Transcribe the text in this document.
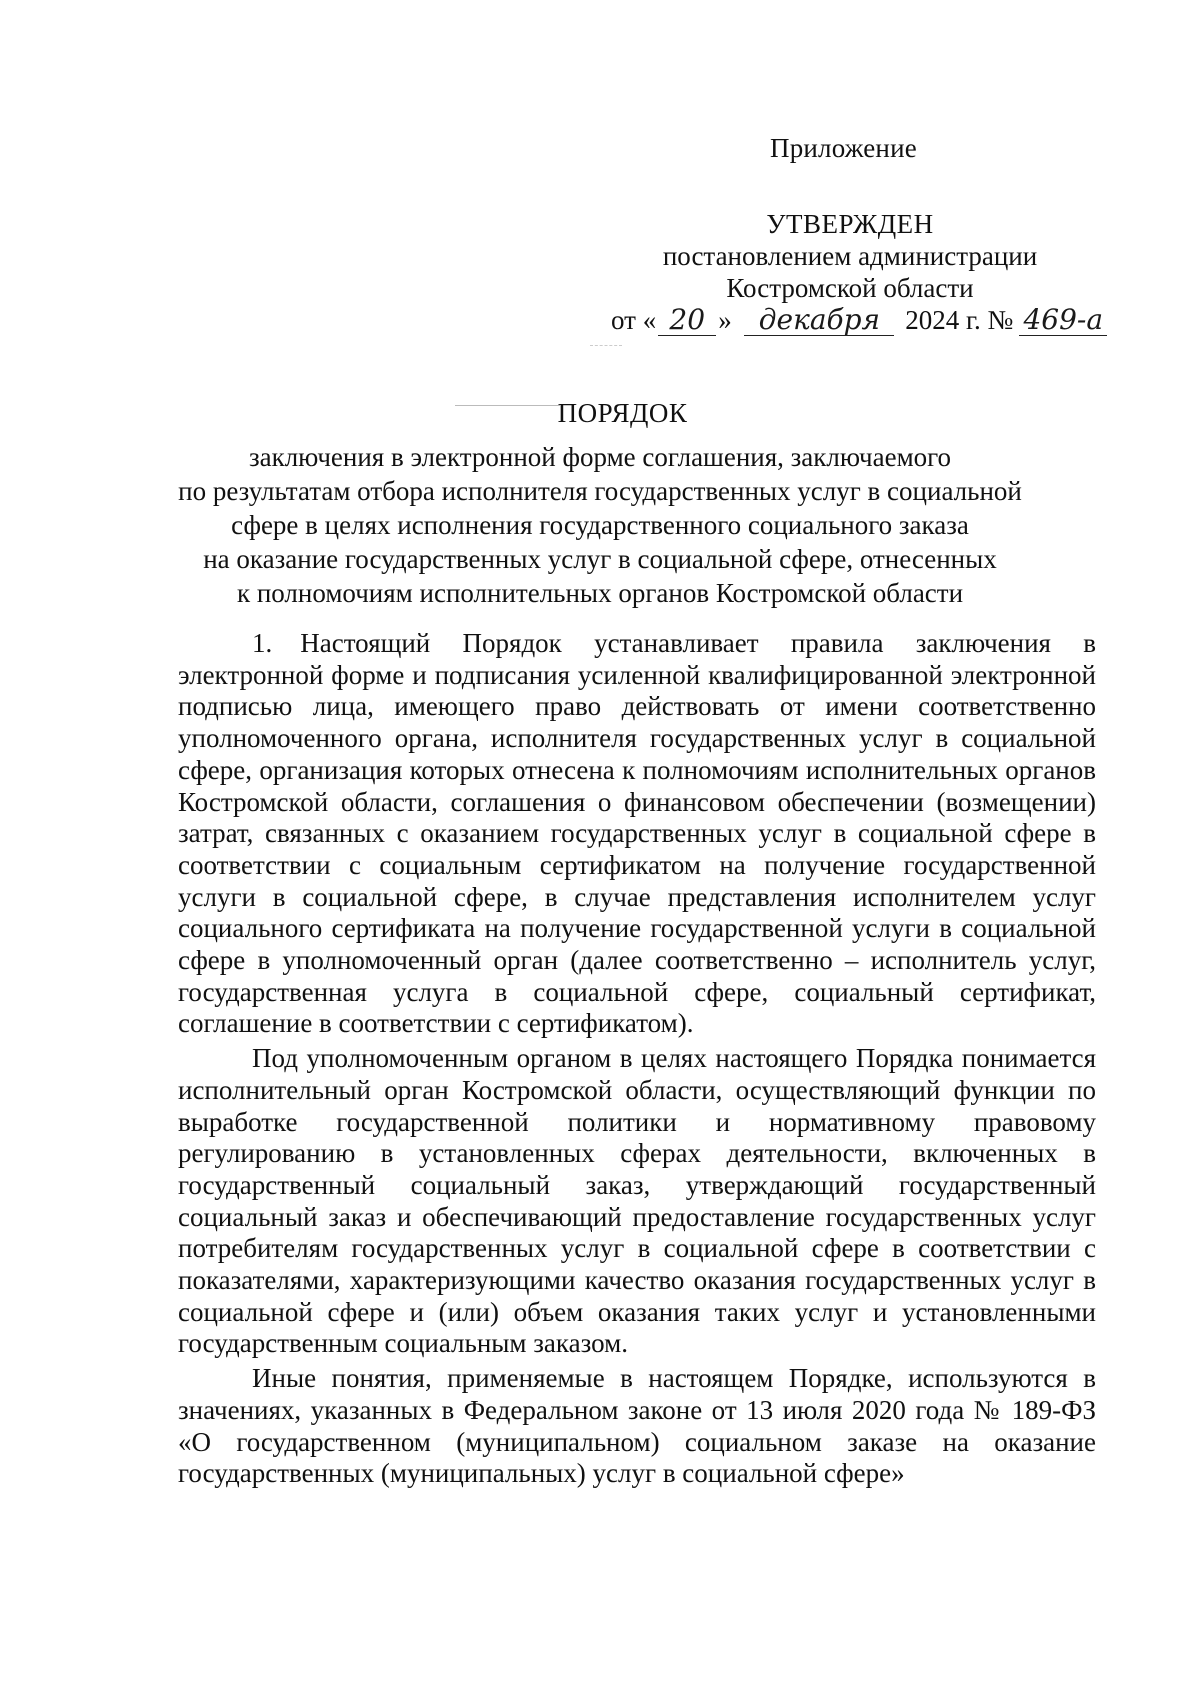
Приложение
УТВЕРЖДЕН
постановлением администрации
Костромской области
от « 20 » декабря 2024 г. № 469-а
ПОРЯДОК
заключения в электронной форме соглашения, заключаемого
по результатам отбора исполнителя государственных услуг в социальной
сфере в целях исполнения государственного социального заказа
на оказание государственных услуг в социальной сфере, отнесенных
к полномочиям исполнительных органов Костромской области

1. Настоящий Порядок устанавливает правила заключения в электронной форме и подписания усиленной квалифицированной электронной подписью лица, имеющего право действовать от имени соответственно уполномоченного органа, исполнителя государственных услуг в социальной сфере, организация которых отнесена к полномочиям исполнительных органов Костромской области, соглашения о финансовом обеспечении (возмещении) затрат, связанных с оказанием государственных услуг в социальной сфере в соответствии с социальным сертификатом на получение государственной услуги в социальной сфере, в случае представления исполнителем услуг социального сертификата на получение государственной услуги в социальной сфере в уполномоченный орган (далее соответственно – исполнитель услуг, государственная услуга в социальной сфере, социальный сертификат, соглашение в соответствии с сертификатом).

Под уполномоченным органом в целях настоящего Порядка понимается исполнительный орган Костромской области, осуществляющий функции по выработке государственной политики и нормативному правовому регулированию в установленных сферах деятельности, включенных в государственный социальный заказ, утверждающий государственный социальный заказ и обеспечивающий предоставление государственных услуг потребителям государственных услуг в социальной сфере в соответствии с показателями, характеризующими качество оказания государственных услуг в социальной сфере и (или) объем оказания таких услуг и установленными государственным социальным заказом.

Иные понятия, применяемые в настоящем Порядке, используются в значениях, указанных в Федеральном законе от 13 июля 2020 года № 189-ФЗ «О государственном (муниципальном) социальном заказе на оказание государственных (муниципальных) услуг в социальной сфере»
